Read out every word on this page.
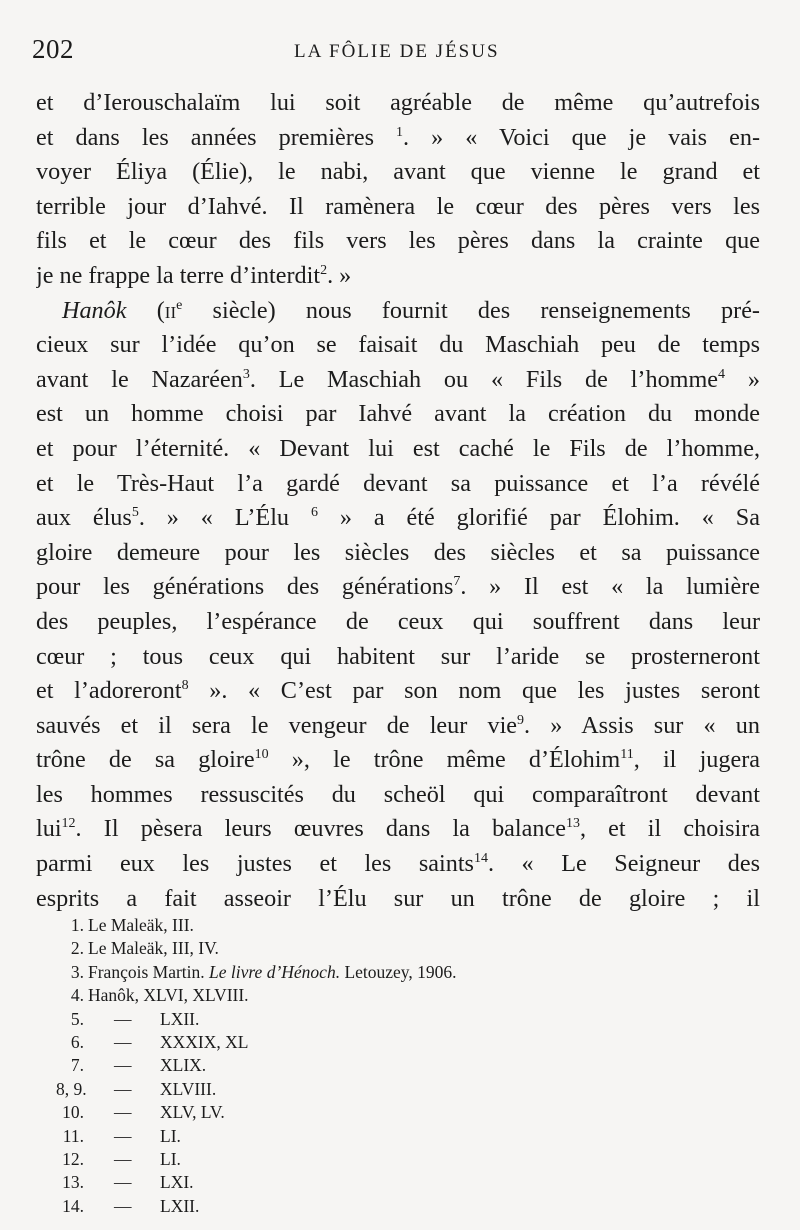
202	LA FÔLIE DE JÉSUS
et d’Ierouschalaïm lui soit agréable de même qu’autrefois
et dans les années premières $^1$. » « Voici que je vais en-
voyer Éliya (Élie), le nabi, avant que vienne le grand et
terrible jour d’Iahvé. Il ramènera le cœur des pères vers les
fils et le cœur des fils vers les pères dans la crainte que
je ne frappe la terre d’interdit$^2$. »
Hanôk ($ii^e$ siècle) nous fournit des renseignements pré-
cieux sur l’idée qu’on se faisait du Maschiah peu de temps
avant le Nazaréen$^3$. Le Maschiah ou « Fils de l’homme$^4$ »
est un homme choisi par Iahvé avant la création du monde
et pour l’éternité. « Devant lui est caché le Fils de l’homme,
et le Très-Haut l’a gardé devant sa puissance et l’a révélé
aux élus$^5$. » « L’Élu $^6$ » a été glorifié par Élohim. « Sa
gloire demeure pour les siècles des siècles et sa puissance
pour les générations des générations$^7$. » Il est « la lumière
des peuples, l’espérance de ceux qui souffrent dans leur
cœur ; tous ceux qui habitent sur l’aride se prosterneront
et l’adoreront$^8$ ». « C’est par son nom que les justes seront
sauvés et il sera le vengeur de leur vie$^9$. » Assis sur « un
trône de sa gloire$^{10}$ », le trône même d’Élohim$^{11}$, il jugera
les hommes ressuscités du scheöl qui comparaîtront devant
lui$^{12}$. Il pèsera leurs œuvres dans la balance$^{13}$, et il choisira
parmi eux les justes et les saints$^{14}$. « Le Seigneur des
esprits a fait asseoir l’Élu sur un trône de gloire ; il
1. Le Maleäk, III.
2. Le Maleäk, III, IV.
3. François Martin. Le livre d’Hénoch. Letouzey, 1906.
4. Hanôk, XLVI, XLVIII.
5. — LXII.
6. — XXXIX, XL
7. — XLIX.
8, 9. — XLVIII.
10. — XLV, LV.
11. — LI.
12. — LI.
13. — LXI.
14. — LXII.
